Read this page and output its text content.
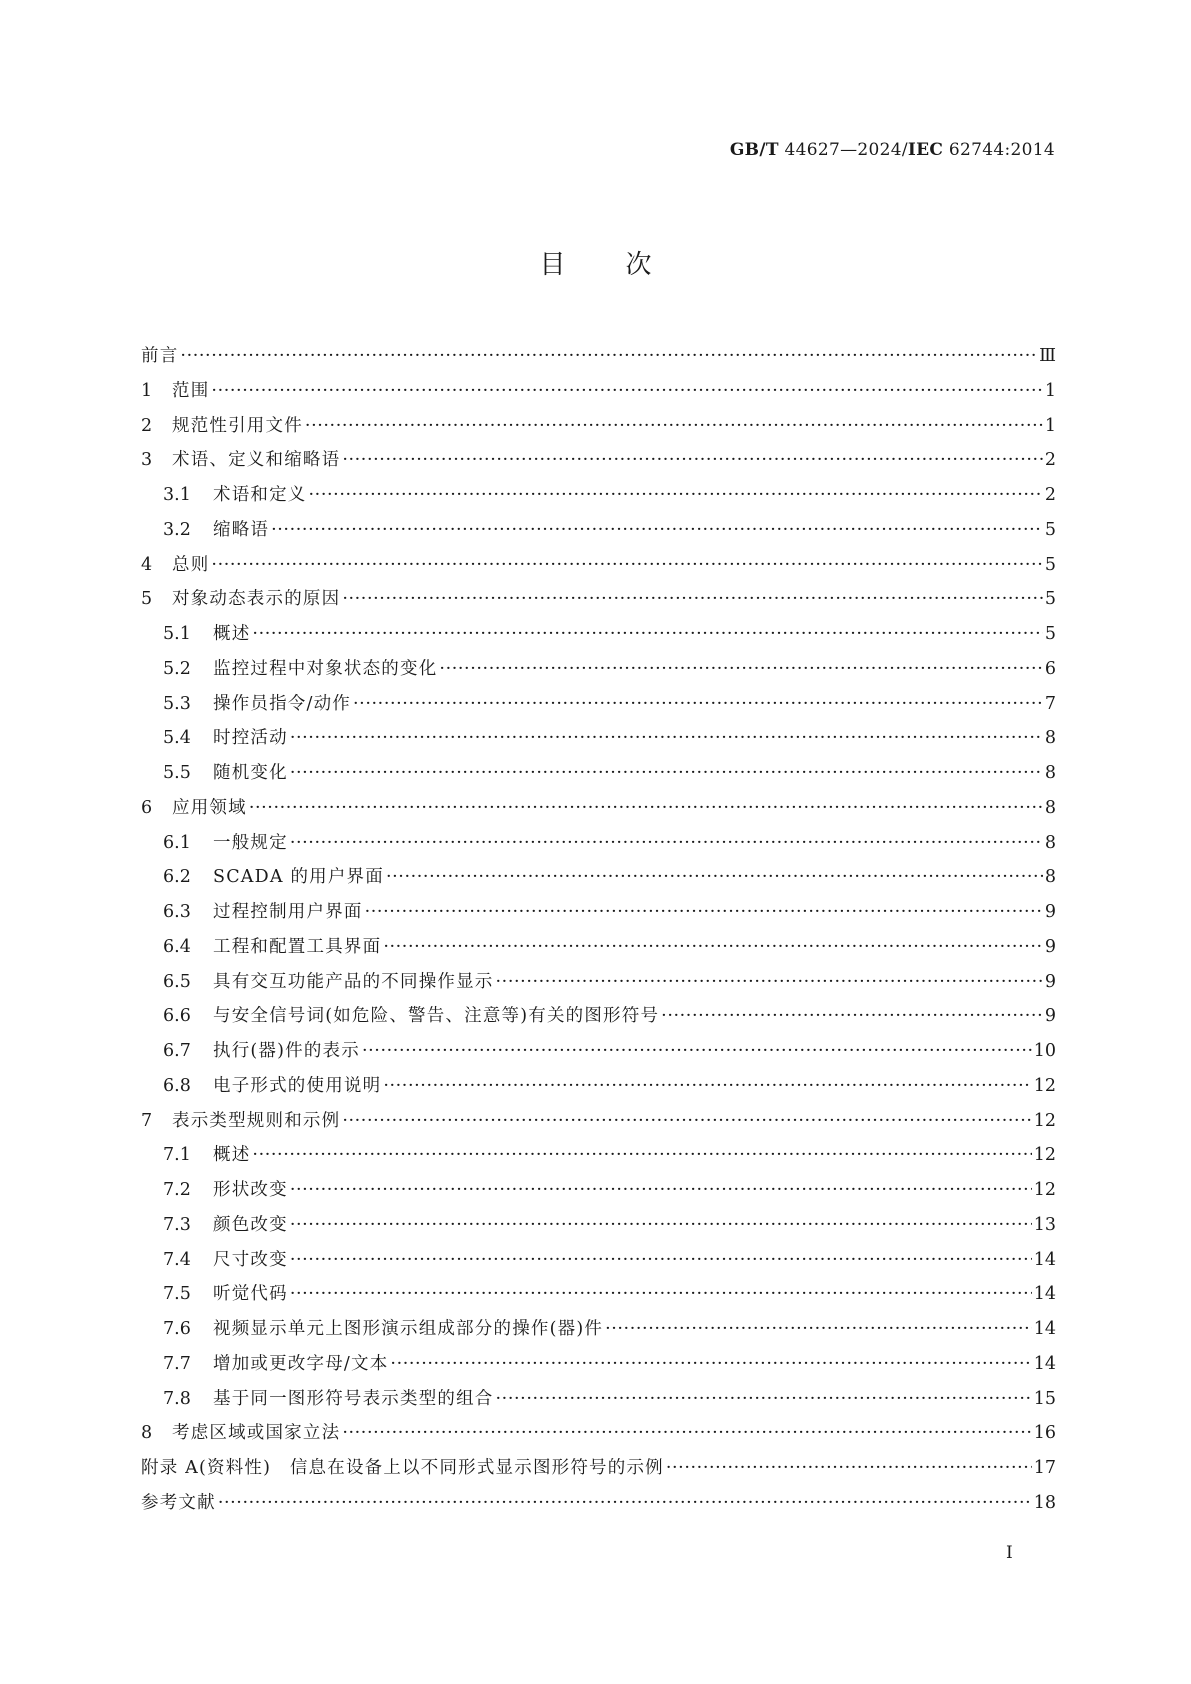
GB/T 44627—2024/IEC 62744:2014
目次
前言 ·····	Ⅲ
1	范围 ·····	1
2	规范性引用文件 ·····	1
3	术语、定义和缩略语 ·····	2
3.1	术语和定义 ·····	2
3.2	缩略语 ·····	5
4	总则 ·····	5
5	对象动态表示的原因 ·····	5
5.1	概述 ·····	5
5.2	监控过程中对象状态的变化 ·····	6
5.3	操作员指令/动作 ·····	7
5.4	时控活动 ·····	8
5.5	随机变化 ·····	8
6	应用领域 ·····	8
6.1	一般规定 ·····	8
6.2	SCADA 的用户界面 ·····	8
6.3	过程控制用户界面 ·····	9
6.4	工程和配置工具界面 ·····	9
6.5	具有交互功能产品的不同操作显示 ·····	9
6.6	与安全信号词(如危险、警告、注意等)有关的图形符号 ·····	9
6.7	执行(器)件的表示 ·····	10
6.8	电子形式的使用说明 ·····	12
7	表示类型规则和示例 ·····	12
7.1	概述 ·····	12
7.2	形状改变 ·····	12
7.3	颜色改变 ·····	13
7.4	尺寸改变 ·····	14
7.5	听觉代码 ·····	14
7.6	视频显示单元上图形演示组成部分的操作(器)件 ·····	14
7.7	增加或更改字母/文本 ·····	14
7.8	基于同一图形符号表示类型的组合 ·····	15
8	考虑区域或国家立法 ·····	16
附录 A(资料性)　信息在设备上以不同形式显示图形符号的示例 ·····	17
参考文献 ·····	18
I
